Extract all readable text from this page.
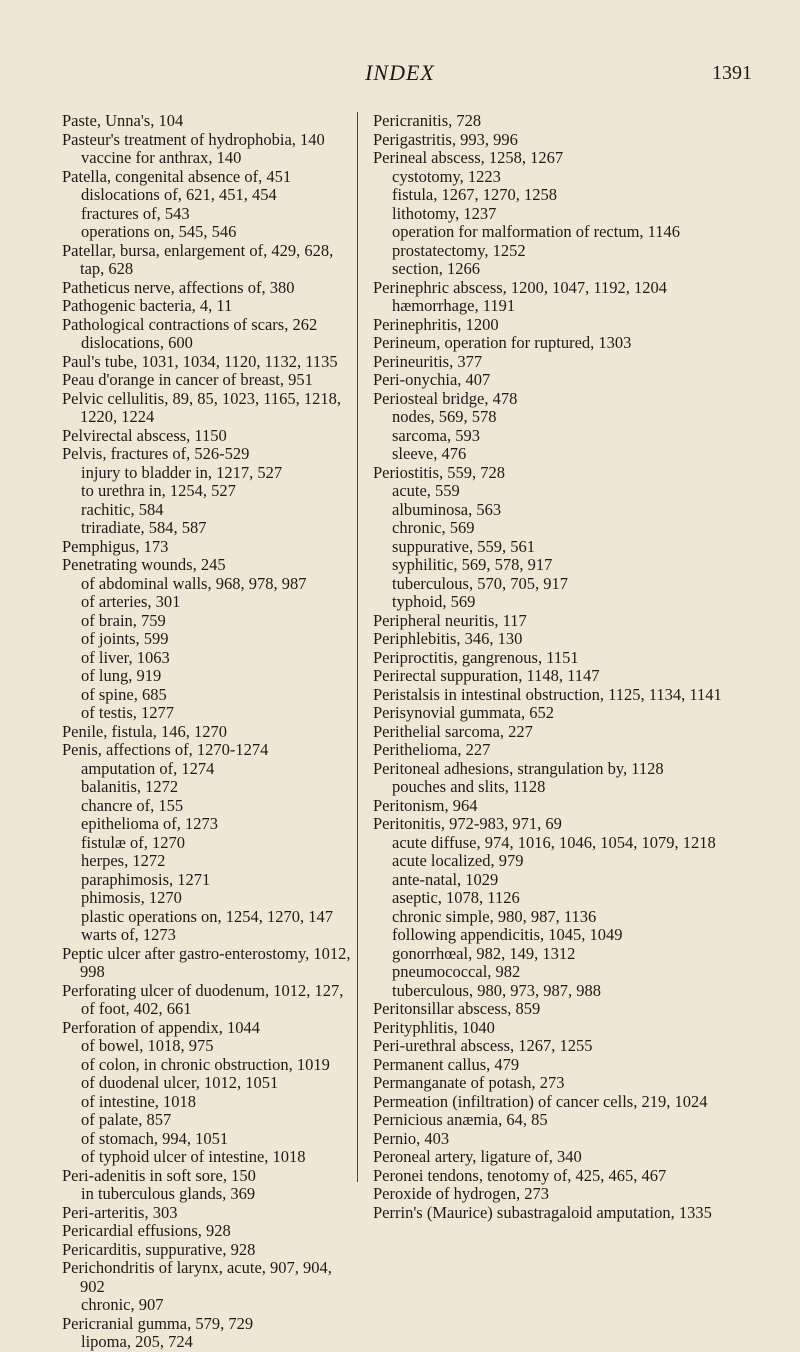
INDEX	1391
Paste, Unna's, 104
Pasteur's treatment of hydrophobia, 140
vaccine for anthrax, 140
Patella, congenital absence of, 451
dislocations of, 621, 451, 454
fractures of, 543
operations on, 545, 546
Patellar, bursa, enlargement of, 429, 628, tap, 628
Patheticus nerve, affections of, 380
Pathogenic bacteria, 4, 11
Pathological contractions of scars, 262
dislocations, 600
Paul's tube, 1031, 1034, 1120, 1132, 1135
Peau d'orange in cancer of breast, 951
Pelvic cellulitis, 89, 85, 1023, 1165, 1218, 1220, 1224
Pelvirectal abscess, 1150
Pelvis, fractures of, 526-529
injury to bladder in, 1217, 527
to urethra in, 1254, 527
rachitic, 584
triradiate, 584, 587
Pemphigus, 173
Penetrating wounds, 245
of abdominal walls, 968, 978, 987
of arteries, 301
of brain, 759
of joints, 599
of liver, 1063
of lung, 919
of spine, 685
of testis, 1277
Penile, fistula, 146, 1270
Penis, affections of, 1270-1274
amputation of, 1274
balanitis, 1272
chancre of, 155
epithelioma of, 1273
fistulæ of, 1270
herpes, 1272
paraphimosis, 1271
phimosis, 1270
plastic operations on, 1254, 1270, 147
warts of, 1273
Peptic ulcer after gastro-enterostomy, 1012, 998
Perforating ulcer of duodenum, 1012, 127,
of foot, 402, 661
Perforation of appendix, 1044
of bowel, 1018, 975
of colon, in chronic obstruction, 1019
of duodenal ulcer, 1012, 1051
of intestine, 1018
of palate, 857
of stomach, 994, 1051
of typhoid ulcer of intestine, 1018
Peri-adenitis in soft sore, 150
in tuberculous glands, 369
Peri-arteritis, 303
Pericardial effusions, 928
Pericarditis, suppurative, 928
Perichondritis of larynx, acute, 907, 904, 902
chronic, 907
Pericranial gumma, 579, 729
lipoma, 205, 724
Pericranitis, 728
Perigastritis, 993, 996
Perineal abscess, 1258, 1267
cystotomy, 1223
fistula, 1267, 1270, 1258
lithotomy, 1237
operation for malformation of rectum, 1146
prostatectomy, 1252
section, 1266
Perinephric abscess, 1200, 1047, 1192, 1204
hæmorrhage, 1191
Perinephritis, 1200
Perineum, operation for ruptured, 1303
Perineuritis, 377
Peri-onychia, 407
Periosteal bridge, 478
nodes, 569, 578
sarcoma, 593
sleeve, 476
Periostitis, 559, 728
acute, 559
albuminosa, 563
chronic, 569
suppurative, 559, 561
syphilitic, 569, 578, 917
tuberculous, 570, 705, 917
typhoid, 569
Peripheral neuritis, 117
Periphlebitis, 346, 130
Periproctitis, gangrenous, 1151
Perirectal suppuration, 1148, 1147
Peristalsis in intestinal obstruction, 1125, 1134, 1141
Perisynovial gummata, 652
Perithelial sarcoma, 227
Perithelioma, 227
Peritoneal adhesions, strangulation by, 1128
pouches and slits, 1128
Peritonism, 964
Peritonitis, 972-983, 971, 69
acute diffuse, 974, 1016, 1046, 1054, 1079, 1218
acute localized, 979
ante-natal, 1029
aseptic, 1078, 1126
chronic simple, 980, 987, 1136
following appendicitis, 1045, 1049
gonorrhœal, 982, 149, 1312
pneumococcal, 982
tuberculous, 980, 973, 987, 988
Peritonsillar abscess, 859
Perityphlitis, 1040
Peri-urethral abscess, 1267, 1255
Permanent callus, 479
Permanganate of potash, 273
Permeation (infiltration) of cancer cells, 219, 1024
Pernicious anæmia, 64, 85
Pernio, 403
Peroneal artery, ligature of, 340
Peronei tendons, tenotomy of, 425, 465, 467
Peroxide of hydrogen, 273
Perrin's (Maurice) subastragaloid amputation, 1335
